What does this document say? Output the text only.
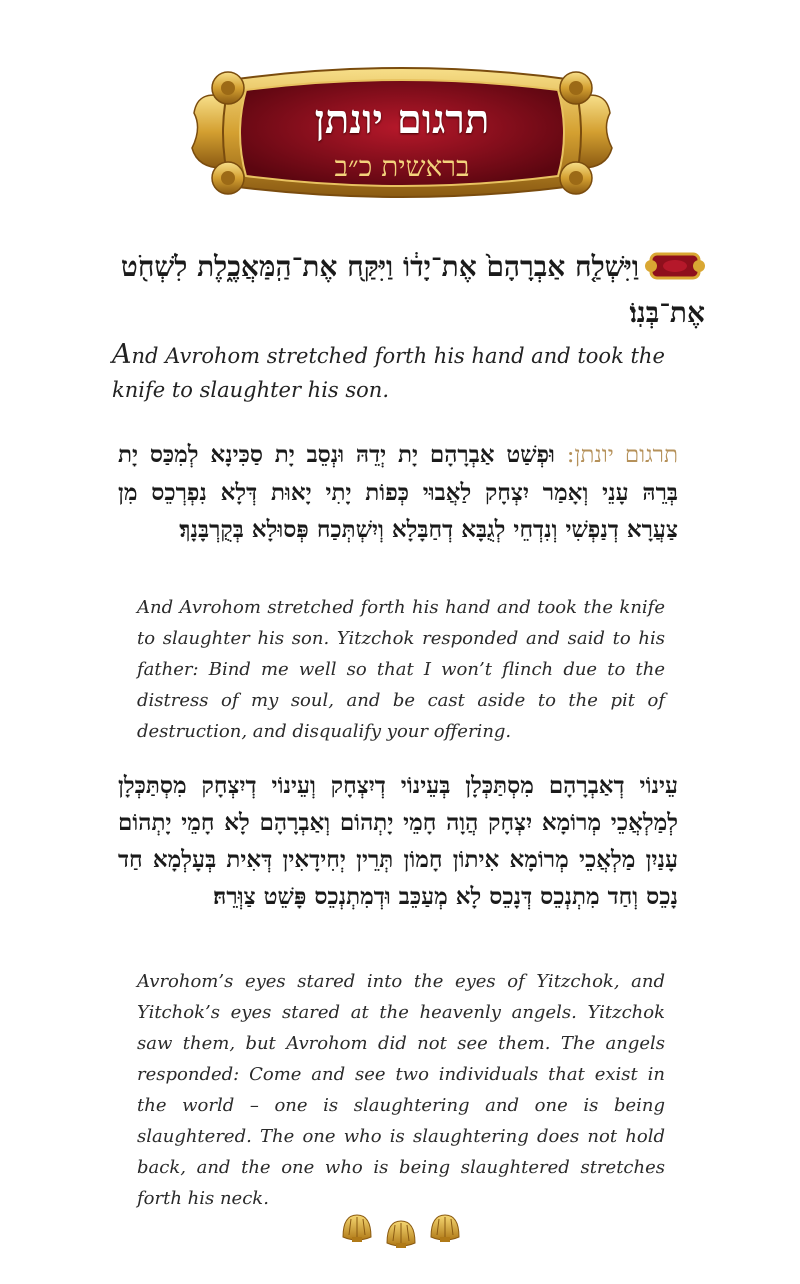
תרגום יונתן
בראשית כ״ב
וַיִּשְׁלַ֤ח אַבְרָהָם֙ אֶת־יָד֔וֹ וַיִּקַּ֖ח אֶת־הַֽמַּאֲכֶ֑לֶת לִשְׁחֹ֖ט אֶת־בְּנֽוֹ׃
And Avrohom stretched forth his hand and took the knife to slaughter his son.
תרגום יונתן: וּפְשַׁט אַבְרָהָם יָת יְדֵהּ וּנְסֵב יָת סַכִּינָא לְמִכַּס יָת בְּרֵהּ עָנֵי וְאָמַר יִצְחָק לַאֲבוּי כְּפוֹת יָתִי יָאוּת דְּלָא נִפְרְכֵס מִן צַעֲרָא דְנַפְשִׁי וְנִדְחֵי לְגֻבָּא דְחַבָּלָא וְיִשְׁתְּכַח פְּסוּלָא בְּקֻרְבָּנָךְ׃
And Avrohom stretched forth his hand and took the knife to slaughter his son. Yitzchok responded and said to his father: Bind me well so that I won’t flinch due to the distress of my soul, and be cast aside to the pit of destruction, and disqualify your offering.
עֵינוֹי דְאַבְרָהָם מִסְתַּכְּלָן בְּעֵינוֹי דְיִצְחָק וְעֵינוֹי דְיִצְחָק מִסְתַּכְּלָן לְמַלְאֲכֵי מְרוֹמָא יִצְחָק הֲוָה חָמֵי יָתְהוֹם וְאַבְרָהָם לָא חָמֵי יָתְהוֹם עָנַיִן מַלְאֲכֵי מְרוֹמָא אִיתוֹן חָמוֹן תְּרֵין יְחִידָאִין דְּאִית בְּעָלְמָא חַד נָכֵס וְחַד מִתְנְכֵס דְּנָכֵס לָא מְעַכֵּב וּדְמִתְנְכֵס פָּשֵׁט צַוְּרֵהּ׃
Avrohom’s eyes stared into the eyes of Yitzchok, and Yitchok’s eyes stared at the heavenly angels. Yitzchok saw them, but Avrohom did not see them. The angels responded: Come and see two individuals that exist in the world – one is slaughtering and one is being slaughtered. The one who is slaughtering does not hold back, and the one who is being slaughtered stretches forth his neck.
